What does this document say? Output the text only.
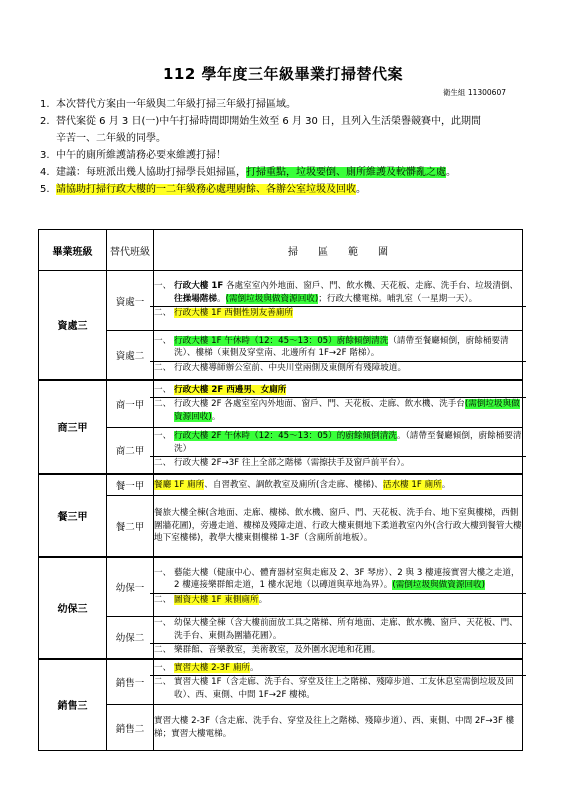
112 學年度三年級畢業打掃替代案
衛生組 11300607
1. 本次替代方案由一年級與二年級打掃三年級打掃區域。
2. 替代案從 6 月 3 日(一)中午打掃時間即開始生效至 6 月 30 日，且列入生活榮譽競賽中，此期間
辛苦一、二年級的同學。
3. 中午的廁所維護請務必要來維護打掃！
4. 建議：每班派出幾人協助打掃學長姐掃區，打掃重點，垃圾要倒、廁所維護及較髒亂之處。
5. 請協助打掃行政大樓的一二年級務必處理廚餘、各辦公室垃圾及回收。
畢業班級	替代班級	掃　　區　　範　　圍
資處三	資處一	一、 行政大樓 1F 各處室室內外地面、窗戶、門、飲水機、天花板、走廊、洗手台、垃圾清倒、往操場階梯。(需倒垃圾與做資源回收)；行政大樓電梯。哺乳室（一星期一天）。
二、 行政大樓 1F 西側性別友善廁所

	資處二	一、 行政大樓 1F 午休時（12：45～13：05）廚餘傾倒清洗（請帶至餐廳傾倒，廚餘桶要清洗）、樓梯（東側及穿堂南、北邊所有 1F→2F 階梯）。
二、 行政大樓導師辦公室前、中央川堂兩側及東側所有殘障坡道。

商三甲	商一甲	一、 行政大樓 2F 西邊男、女廁所
二、 行政大樓 2F 各處室室內外地面、窗戶、門、天花板、走廊、飲水機、洗手台(需倒垃圾與做資源回收)。

	商二甲	一、 行政大樓 2F 午休時（12：45～13：05）的廚餘傾倒清洗。（請帶至餐廳傾倒，廚餘桶要清洗）
二、 行政大樓 2F→3F 往上全部之階梯（需擦扶手及窗戶前平台）。

餐三甲	餐一甲	餐廳 1F 廁所、自習教室、調飲教室及廁所(含走廊、樓梯)、活水樓 1F 廁所。

	餐二甲	餐旅大樓全棟(含地面、走廊、樓梯、飲水機、窗戶、門、天花板、洗手台、地下室與樓梯，西側圍牆花圃)，旁邊走道、樓梯及殘障走道、行政大樓東側地下柔道教室內外(含行政大樓到餐管大樓地下室樓梯)，教學大樓東側樓梯 1-3F（含廁所前地板）。

幼保三	幼保一	一、 藝能大樓（健康中心、體育器材室與走廊及 2、3F 琴房）、2 與 3 樓連接實習大樓之走道，2 樓連接樂群館走道，1 樓水泥地（以磚道與草地為界）。(需倒垃圾與做資源回收)
二、 圖資大樓 1F 東側廁所。

	幼保二	一、 幼保大樓全棟（含大樓前面放工具之階梯、所有地面、走廊、飲水機、窗戶、天花板、門、洗手台、東側為圍牆花圃）。
二、 樂群館、音樂教室，美術教室，及外圍水泥地和花圃。

銷售三	銷售一	一、 實習大樓 2-3F 廁所。
二、 實習大樓 1F（含走廊、洗手台、穿堂及往上之階梯、殘障步道、工友休息室需倒垃圾及回收）、西、東側、中間 1F→2F 樓梯。

	銷售二	實習大樓 2-3F（含走廊、洗手台、穿堂及往上之階梯、殘障步道）、西、東側、中間 2F→3F 樓梯；實習大樓電梯。
